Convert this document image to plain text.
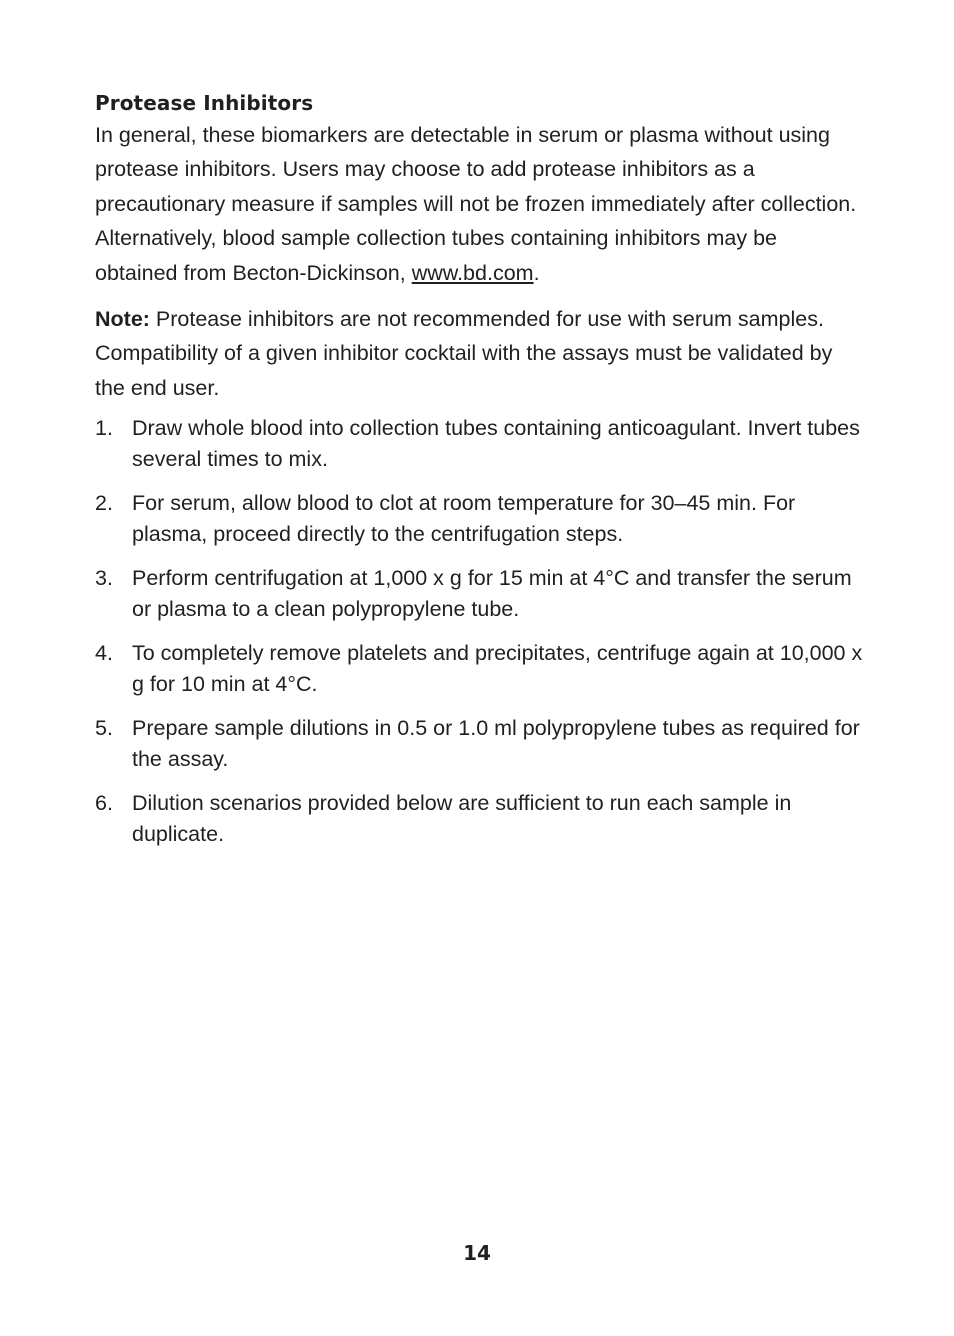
Protease Inhibitors

In general, these biomarkers are detectable in serum or plasma without using protease inhibitors. Users may choose to add protease inhibitors as a precautionary measure if samples will not be frozen immediately after collection. Alternatively, blood sample collection tubes containing inhibitors may be obtained from Becton-Dickinson, www.bd.com.

Note: Protease inhibitors are not recommended for use with serum samples. Compatibility of a given inhibitor cocktail with the assays must be validated by the end user.

1. Draw whole blood into collection tubes containing anticoagulant. Invert tubes several times to mix.
2. For serum, allow blood to clot at room temperature for 30–45 min. For plasma, proceed directly to the centrifugation steps.
3. Perform centrifugation at 1,000 x g for 15 min at 4°C and transfer the serum or plasma to a clean polypropylene tube.
4. To completely remove platelets and precipitates, centrifuge again at 10,000 x g for 10 min at 4°C.
5. Prepare sample dilutions in 0.5 or 1.0 ml polypropylene tubes as required for the assay.
6. Dilution scenarios provided below are sufficient to run each sample in duplicate.
14
